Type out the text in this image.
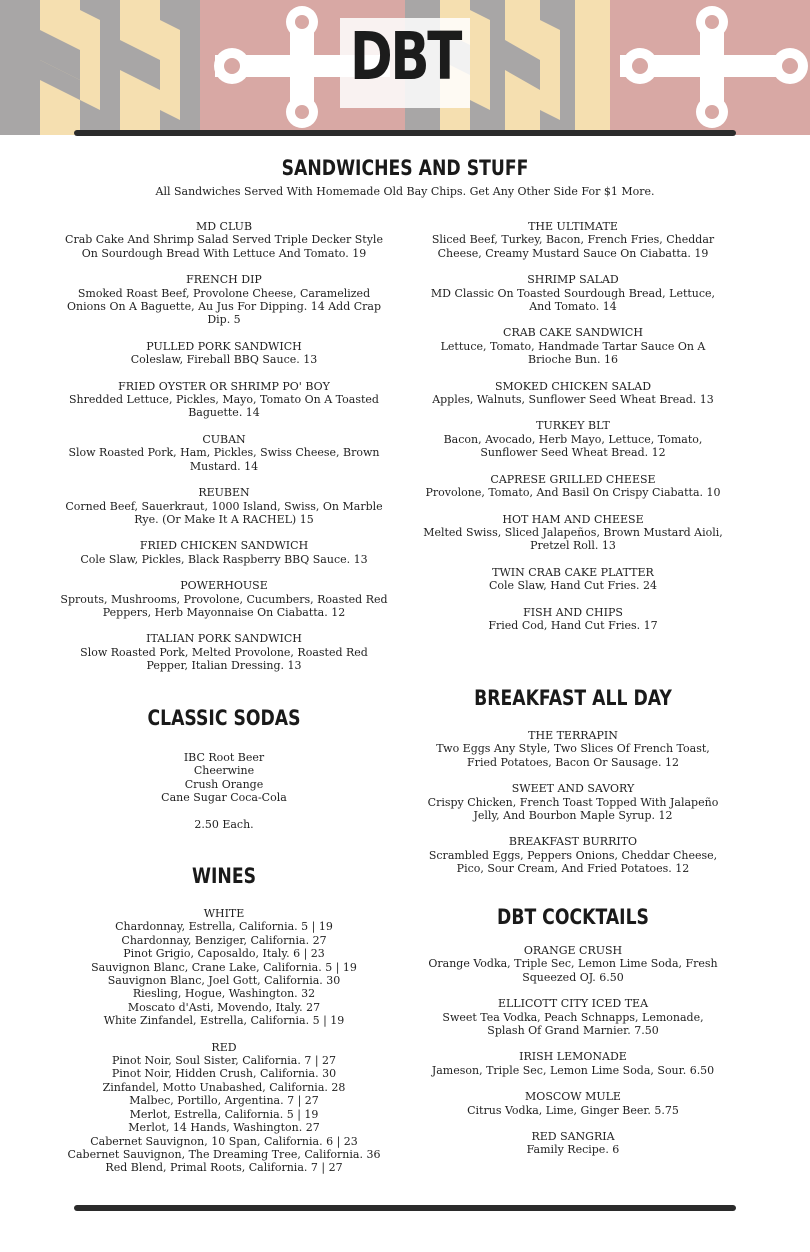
DBT
SANDWICHES AND STUFF
All Sandwiches Served With Homemade Old Bay Chips. Get Any Other Side For $1 More.
MD CLUB
Crab Cake And Shrimp Salad Served Triple Decker Style On Sourdough Bread With Lettuce And Tomato. 19
FRENCH DIP
Smoked Roast Beef, Provolone Cheese, Caramelized Onions On A Baguette, Au Jus For Dipping. 14 Add Crap Dip. 5
PULLED PORK SANDWICH
Coleslaw, Fireball BBQ Sauce. 13
FRIED OYSTER OR SHRIMP PO' BOY
Shredded Lettuce, Pickles, Mayo, Tomato On A Toasted Baguette. 14
CUBAN
Slow Roasted Pork, Ham, Pickles, Swiss Cheese, Brown Mustard. 14
REUBEN
Corned Beef, Sauerkraut, 1000 Island, Swiss, On Marble Rye. (Or Make It A RACHEL) 15
FRIED CHICKEN SANDWICH
Cole Slaw, Pickles, Black Raspberry BBQ Sauce. 13
POWERHOUSE
Sprouts, Mushrooms, Provolone, Cucumbers, Roasted Red Peppers, Herb Mayonnaise On Ciabatta. 12
ITALIAN PORK SANDWICH
Slow Roasted Pork, Melted Provolone, Roasted Red Pepper, Italian Dressing. 13
THE ULTIMATE
Sliced Beef, Turkey, Bacon, French Fries, Cheddar Cheese, Creamy Mustard Sauce On Ciabatta. 19
SHRIMP SALAD
MD Classic On Toasted Sourdough Bread, Lettuce, And Tomato. 14
CRAB CAKE SANDWICH
Lettuce, Tomato, Handmade Tartar Sauce On A Brioche Bun. 16
SMOKED CHICKEN SALAD
Apples, Walnuts, Sunflower Seed Wheat Bread. 13
TURKEY BLT
Bacon, Avocado, Herb Mayo, Lettuce, Tomato, Sunflower Seed Wheat Bread. 12
CAPRESE GRILLED CHEESE
Provolone, Tomato, And Basil On Crispy Ciabatta. 10
HOT HAM AND CHEESE
Melted Swiss, Sliced Jalapeños, Brown Mustard Aioli, Pretzel Roll. 13
TWIN CRAB CAKE PLATTER
Cole Slaw, Hand Cut Fries. 24
FISH AND CHIPS
Fried Cod, Hand Cut Fries. 17
CLASSIC SODAS
IBC Root Beer
Cheerwine
Crush Orange
Cane Sugar Coca-Cola
2.50 Each.
WINES
WHITE
Chardonnay, Estrella, California. 5 | 19
Chardonnay, Benziger, California. 27
Pinot Grigio, Caposaldo, Italy. 6 | 23
Sauvignon Blanc, Crane Lake, California. 5 | 19
Sauvignon Blanc, Joel Gott, California. 30
Riesling, Hogue, Washington. 32
Moscato d'Asti, Movendo, Italy. 27
White Zinfandel, Estrella, California. 5 | 19
RED
Pinot Noir, Soul Sister, California. 7 | 27
Pinot Noir, Hidden Crush, California. 30
Zinfandel, Motto Unabashed, California. 28
Malbec, Portillo, Argentina. 7 | 27
Merlot, Estrella, California. 5 | 19
Merlot, 14 Hands, Washington. 27
Cabernet Sauvignon, 10 Span, California. 6 | 23
Cabernet Sauvignon, The Dreaming Tree, California. 36
Red Blend, Primal Roots, California. 7 | 27
BREAKFAST ALL DAY
THE TERRAPIN
Two Eggs Any Style, Two Slices Of French Toast, Fried Potatoes, Bacon Or Sausage. 12
SWEET AND SAVORY
Crispy Chicken, French Toast Topped With Jalapeño Jelly, And Bourbon Maple Syrup. 12
BREAKFAST BURRITO
Scrambled Eggs, Peppers Onions, Cheddar Cheese, Pico, Sour Cream, And Fried Potatoes. 12
DBT COCKTAILS
ORANGE CRUSH
Orange Vodka, Triple Sec, Lemon Lime Soda, Fresh Squeezed OJ. 6.50
ELLICOTT CITY ICED TEA
Sweet Tea Vodka, Peach Schnapps, Lemonade, Splash Of Grand Marnier. 7.50
IRISH LEMONADE
Jameson, Triple Sec, Lemon Lime Soda, Sour. 6.50
MOSCOW MULE
Citrus Vodka, Lime, Ginger Beer. 5.75
RED SANGRIA
Family Recipe. 6
